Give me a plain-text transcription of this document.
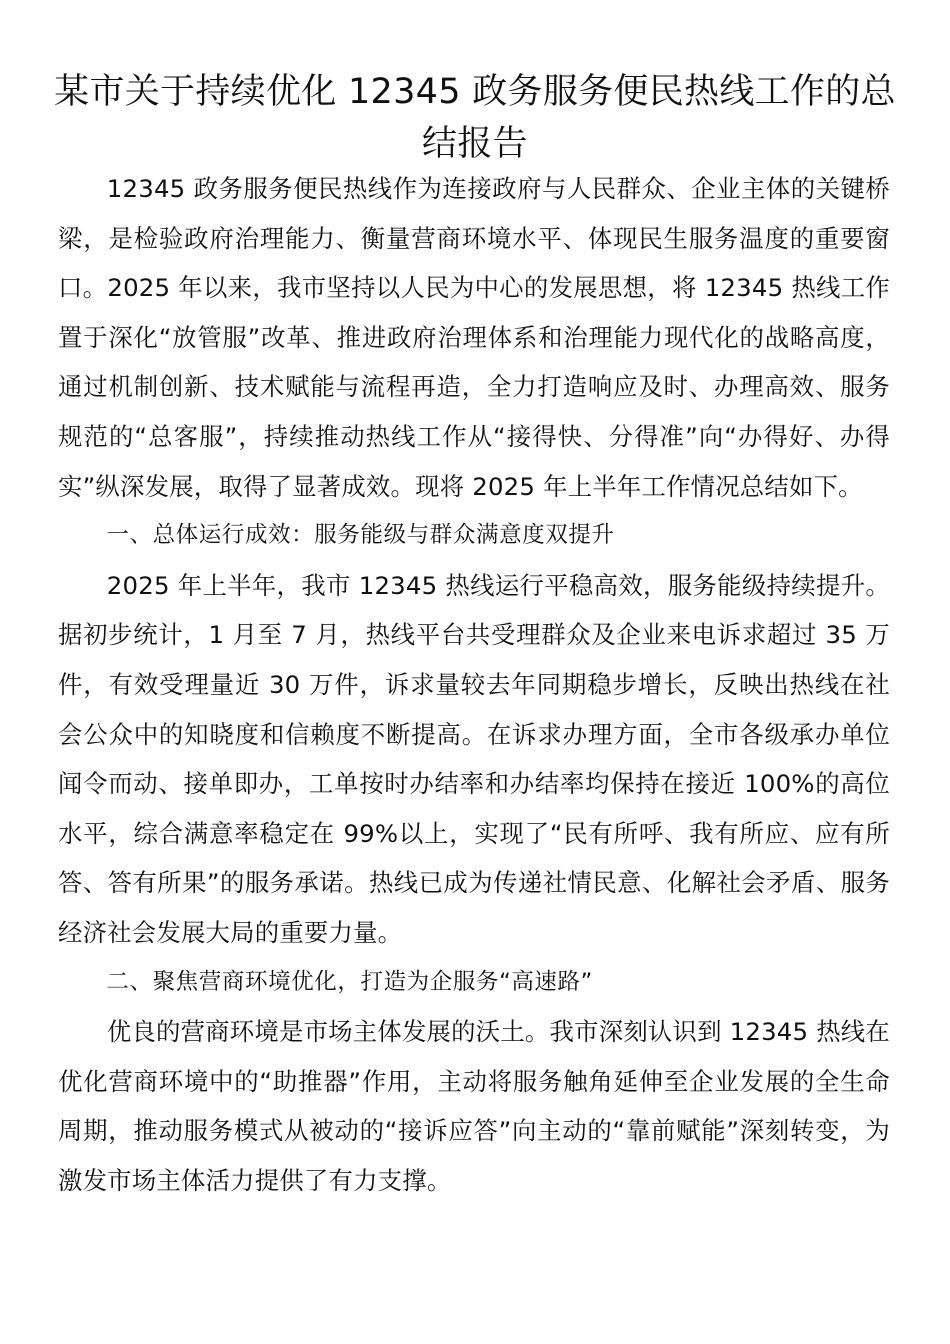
某市关于持续优化 12345 政务服务便民热线工作的总结报告

12345 政务服务便民热线作为连接政府与人民群众、企业主体的关键桥梁，是检验政府治理能力、衡量营商环境水平、体现民生服务温度的重要窗口。2025 年以来，我市坚持以人民为中心的发展思想，将 12345 热线工作置于深化“放管服”改革、推进政府治理体系和治理能力现代化的战略高度，通过机制创新、技术赋能与流程再造，全力打造响应及时、办理高效、服务规范的“总客服”，持续推动热线工作从“接得快、分得准”向“办得好、办得实”纵深发展，取得了显著成效。现将 2025 年上半年工作情况总结如下。

一、总体运行成效：服务能级与群众满意度双提升

2025 年上半年，我市 12345 热线运行平稳高效，服务能级持续提升。据初步统计，1 月至 7 月，热线平台共受理群众及企业来电诉求超过 35 万件，有效受理量近 30 万件，诉求量较去年同期稳步增长，反映出热线在社会公众中的知晓度和信赖度不断提高。在诉求办理方面，全市各级承办单位闻令而动、接单即办，工单按时办结率和办结率均保持在接近 100%的高位水平，综合满意率稳定在 99%以上，实现了“民有所呼、我有所应、应有所答、答有所果”的服务承诺。热线已成为传递社情民意、化解社会矛盾、服务经济社会发展大局的重要力量。

二、聚焦营商环境优化，打造为企服务“高速路”

优良的营商环境是市场主体发展的沃土。我市深刻认识到 12345 热线在优化营商环境中的“助推器”作用，主动将服务触角延伸至企业发展的全生命周期，推动服务模式从被动的“接诉应答”向主动的“靠前赋能”深刻转变，为激发市场主体活力提供了有力支撑。
